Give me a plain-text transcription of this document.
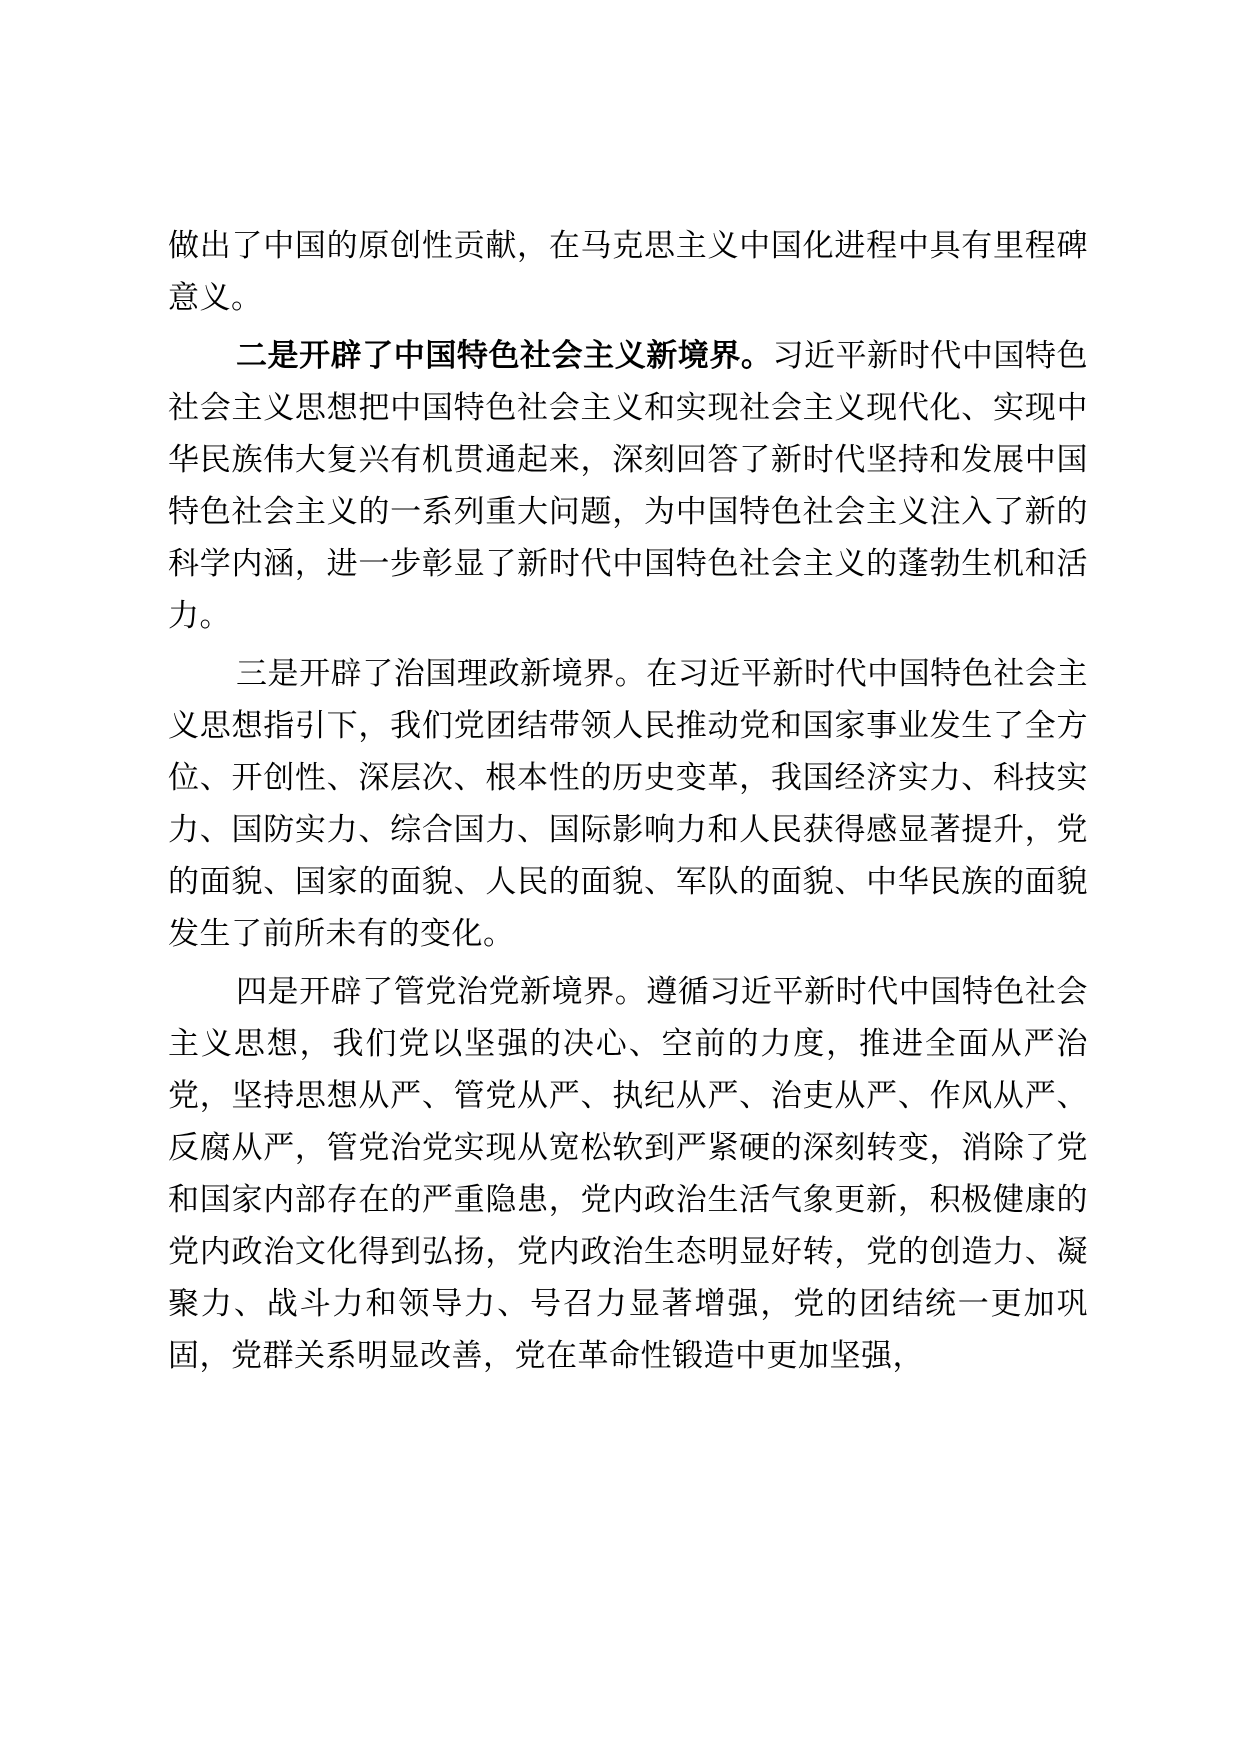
做出了中国的原创性贡献，在马克思主义中国化进程中具有里程碑意义。

二是开辟了中国特色社会主义新境界。习近平新时代中国特色社会主义思想把中国特色社会主义和实现社会主义现代化、实现中华民族伟大复兴有机贯通起来，深刻回答了新时代坚持和发展中国特色社会主义的一系列重大问题，为中国特色社会主义注入了新的科学内涵，进一步彰显了新时代中国特色社会主义的蓬勃生机和活力。

三是开辟了治国理政新境界。在习近平新时代中国特色社会主义思想指引下，我们党团结带领人民推动党和国家事业发生了全方位、开创性、深层次、根本性的历史变革，我国经济实力、科技实力、国防实力、综合国力、国际影响力和人民获得感显著提升，党的面貌、国家的面貌、人民的面貌、军队的面貌、中华民族的面貌发生了前所未有的变化。

四是开辟了管党治党新境界。遵循习近平新时代中国特色社会主义思想，我们党以坚强的决心、空前的力度，推进全面从严治党，坚持思想从严、管党从严、执纪从严、治吏从严、作风从严、反腐从严，管党治党实现从宽松软到严紧硬的深刻转变，消除了党和国家内部存在的严重隐患，党内政治生活气象更新，积极健康的党内政治文化得到弘扬，党内政治生态明显好转，党的创造力、凝聚力、战斗力和领导力、号召力显著增强，党的团结统一更加巩固，党群关系明显改善，党在革命性锻造中更加坚强，
